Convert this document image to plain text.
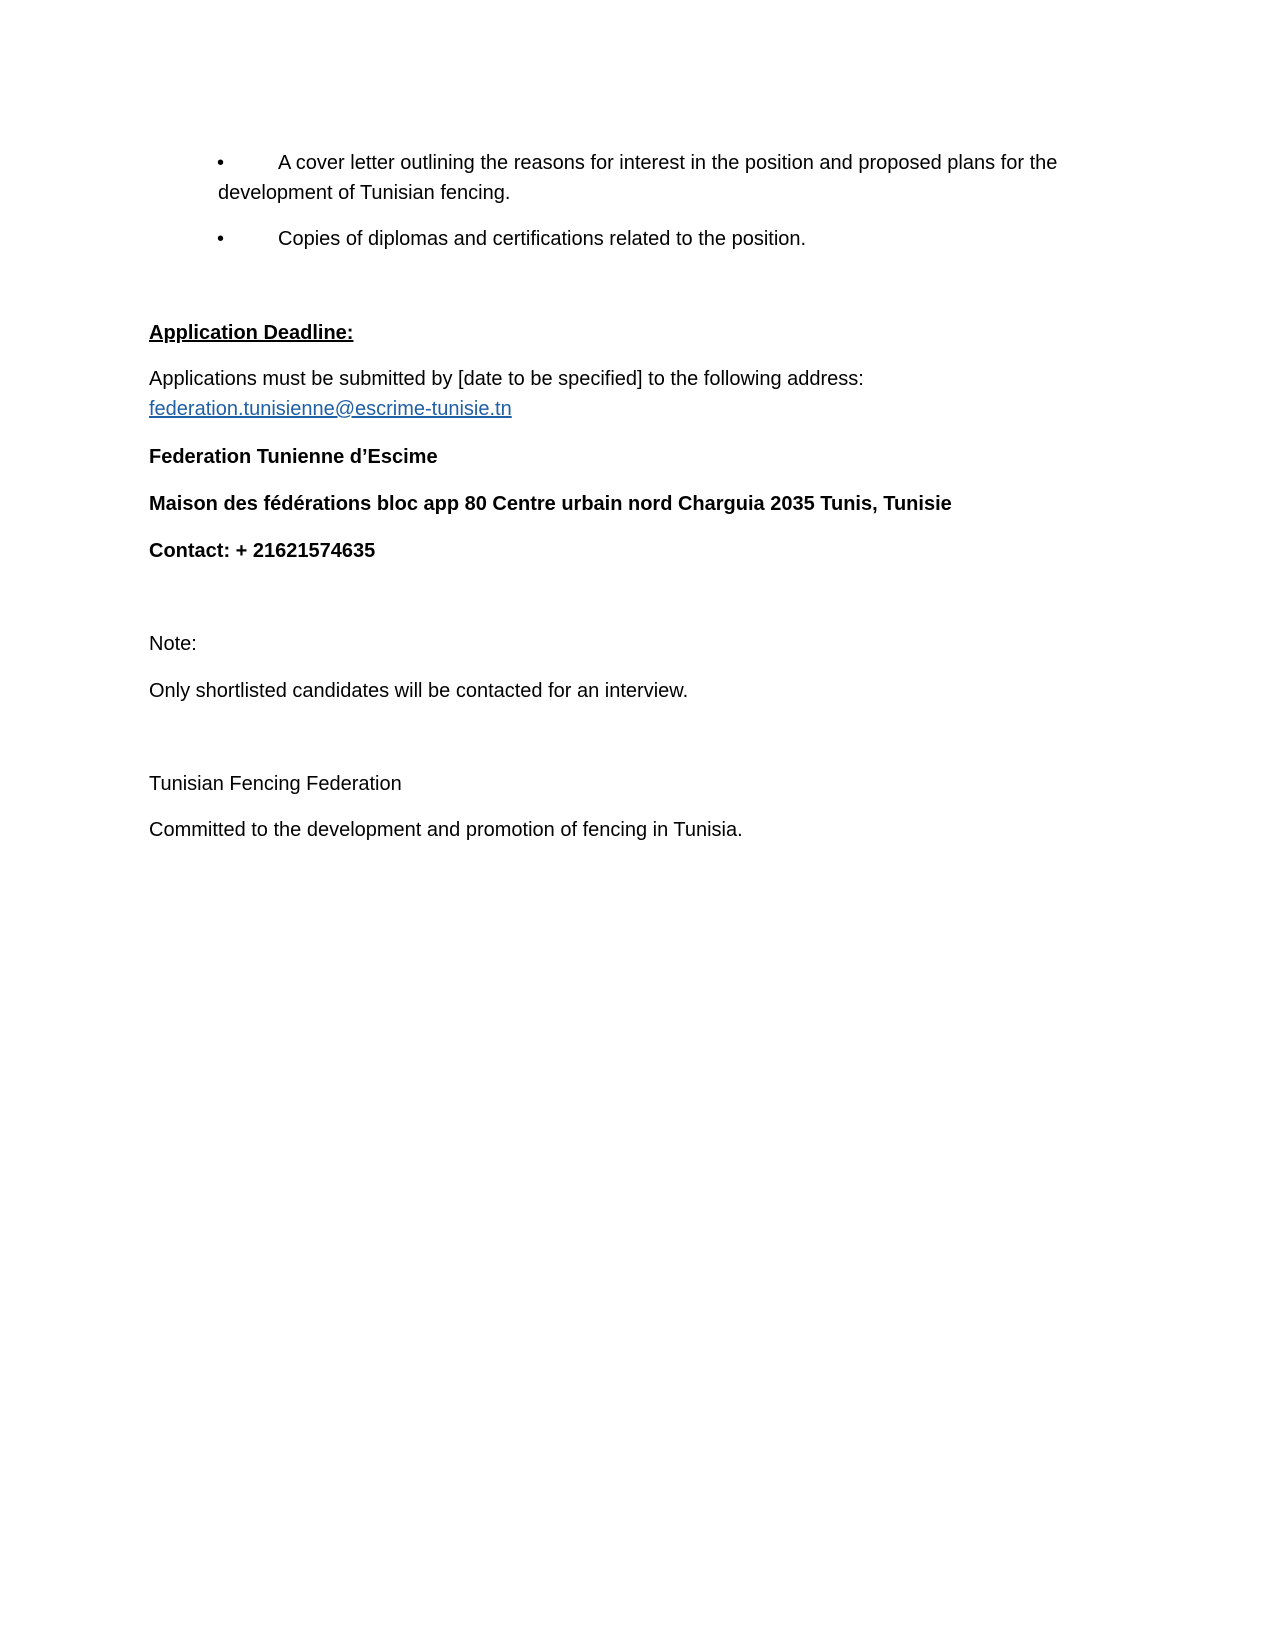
•	A cover letter outlining the reasons for interest in the position and proposed plans for the development of Tunisian fencing.
•	Copies of diplomas and certifications related to the position.

Application Deadline:

Applications must be submitted by [date to be specified] to the following address:
federation.tunisienne@escrime-tunisie.tn

Federation Tunienne d’Escime

Maison des fédérations bloc app 80 Centre urbain nord Charguia 2035 Tunis, Tunisie

Contact: + 21621574635

Note:

Only shortlisted candidates will be contacted for an interview.

Tunisian Fencing Federation

Committed to the development and promotion of fencing in Tunisia.
